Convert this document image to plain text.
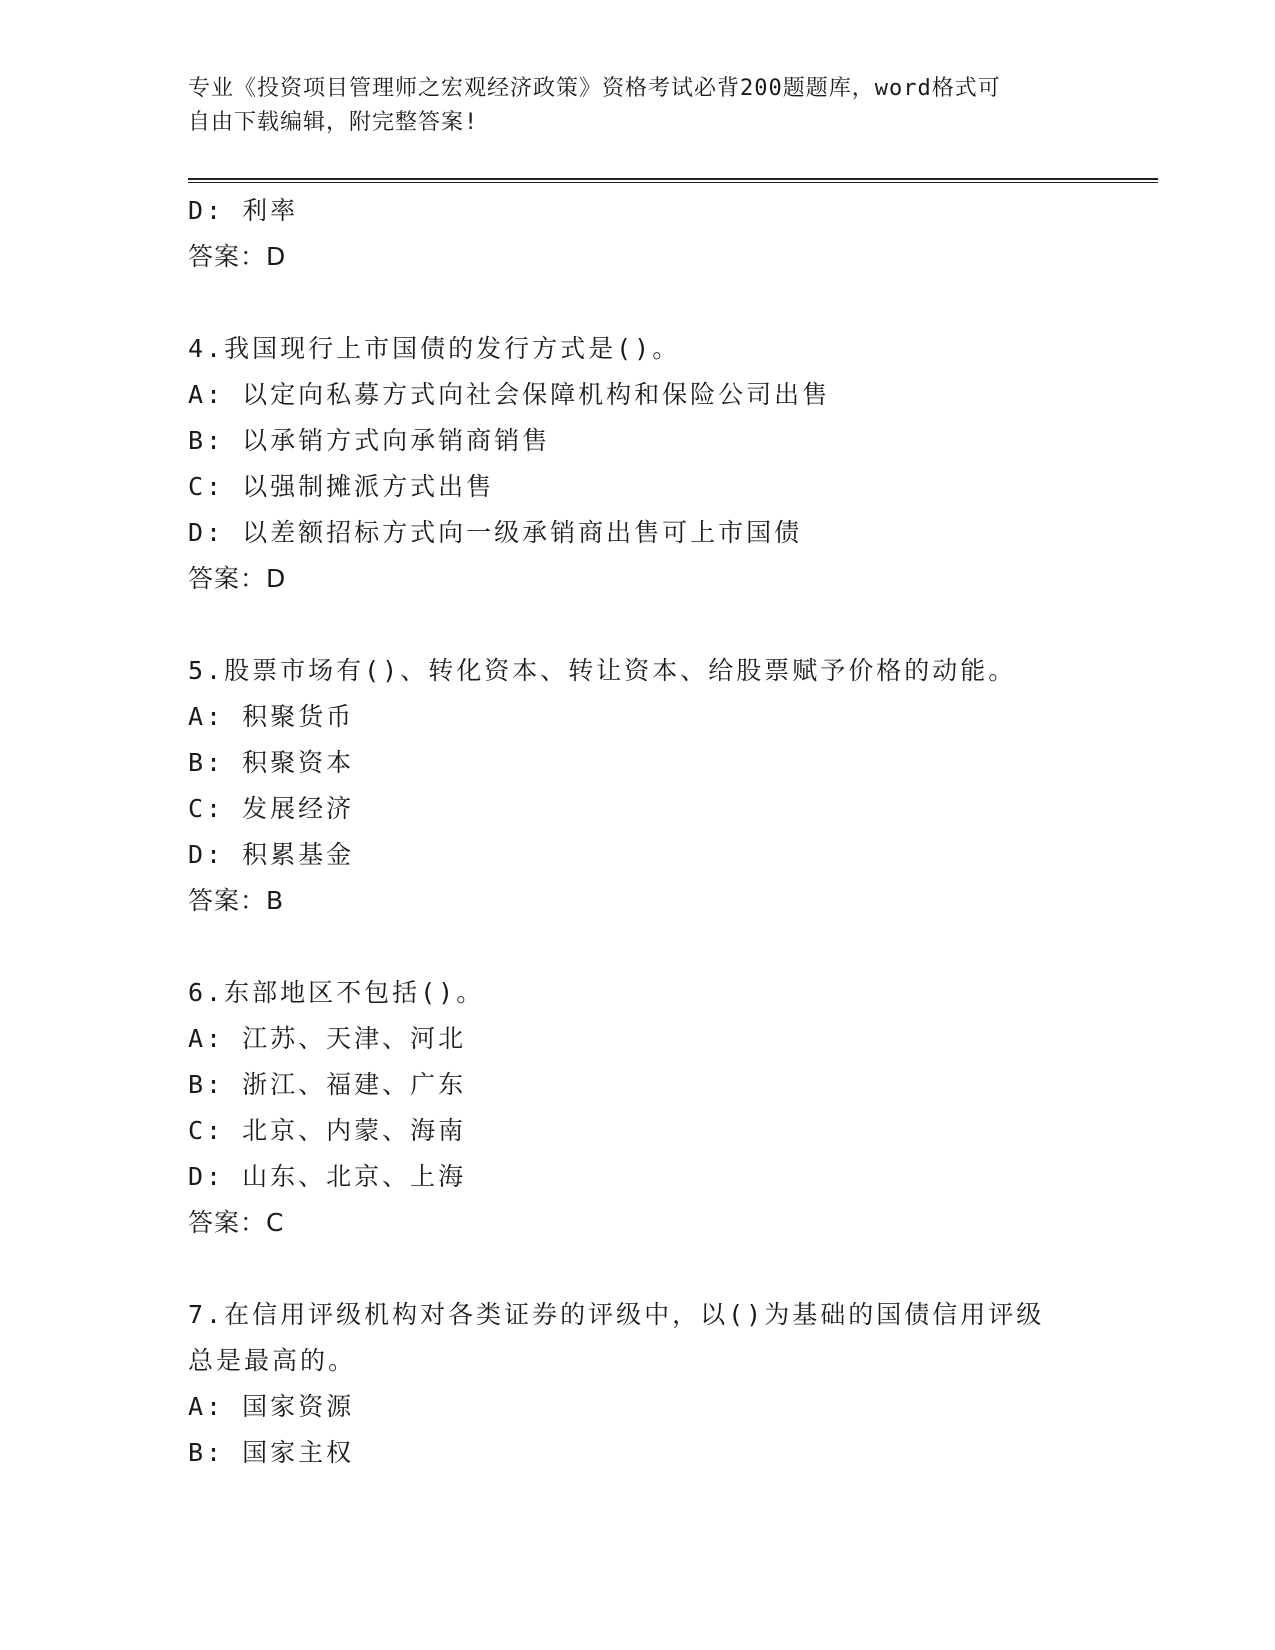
专业《投资项目管理师之宏观经济政策》资格考试必背200题题库，word格式可
自由下载编辑，附完整答案!
D: 利率
答案：D
4.我国现行上市国债的发行方式是()。
A: 以定向私募方式向社会保障机构和保险公司出售
B: 以承销方式向承销商销售
C: 以强制摊派方式出售
D: 以差额招标方式向一级承销商出售可上市国债
答案：D
5.股票市场有()、转化资本、转让资本、给股票赋予价格的动能。
A: 积聚货币
B: 积聚资本
C: 发展经济
D: 积累基金
答案：B
6.东部地区不包括()。
A: 江苏、天津、河北
B: 浙江、福建、广东
C: 北京、内蒙、海南
D: 山东、北京、上海
答案：C
7.在信用评级机构对各类证券的评级中，以()为基础的国债信用评级
总是最高的。
A: 国家资源
B: 国家主权
